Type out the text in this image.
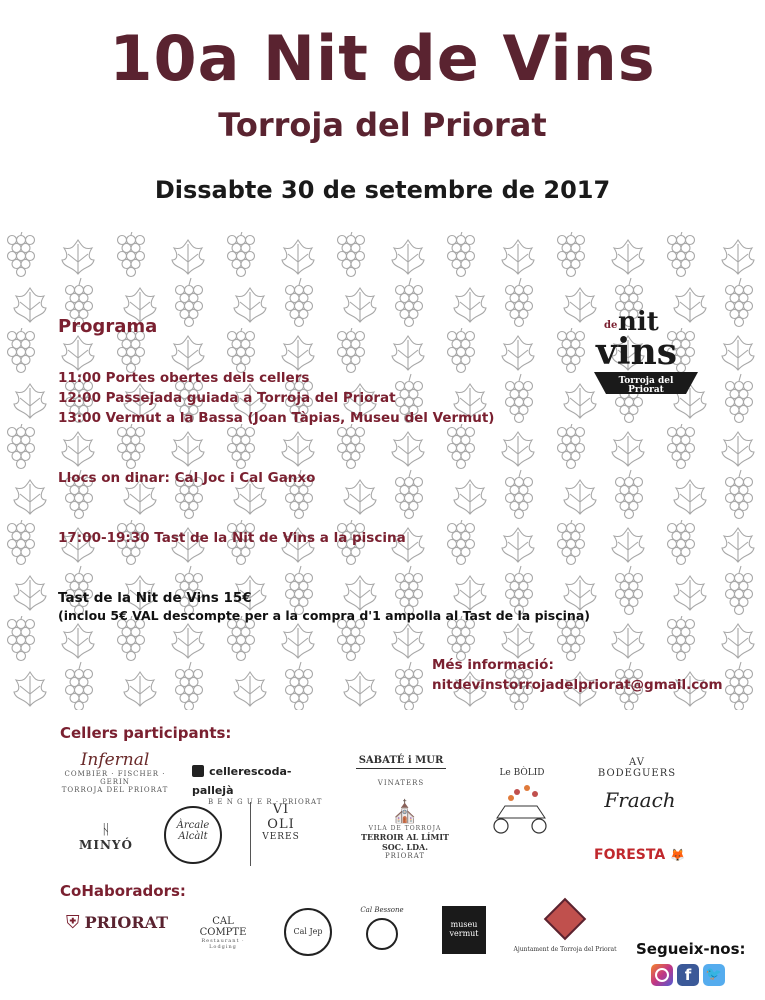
10a Nit de Vins
Torroja del Priorat
Dissabte 30 de setembre de 2017
Programa
11:00 Portes obertes dels cellers
12:00 Passejada guiada a Torroja del Priorat
13:00 Vermut a la Bassa (Joan Tàpias, Museu del Vermut)
Llocs on dinar: Cal Joc i Cal Ganxo
17:00-19:30 Tast de la Nit de Vins a la piscina
Tast de la Nit de Vins 15€
(inclou 5€ VAL descompte per a la compra d'1 ampolla al Tast de la piscina)
Més informació:
nitdevinstorrojadelpriorat@gmail.com
de nit
vins
Torroja del
Priorat
Cellers participants:
Infernal
COMBIER · FISCHER · GERIN
TORROJA DEL PRIORAT
cellerescoda-pallejà
B E N G U E R · PRIORAT
SABATÉ i MUR
VINATERS
AV BODEGUERS
Le BÒLID
Fraach
ᚺ
MINYÓ
Àrcale
Alcàlt
VI
OLI
VERES
⛪
VILA DE TORROJA
TERROIR AL LÍMIT SOC. LDA.
PRIORAT	FORESTA 🦊
CoHaboradors:
⛨ PRIORAT	CAL COMPTE
Restaurant · Lodging
Cal Jep
Cal Bessone
museu
vermut
Ajuntament de Torroja del Priorat Segueix-nos:
f	🐦
